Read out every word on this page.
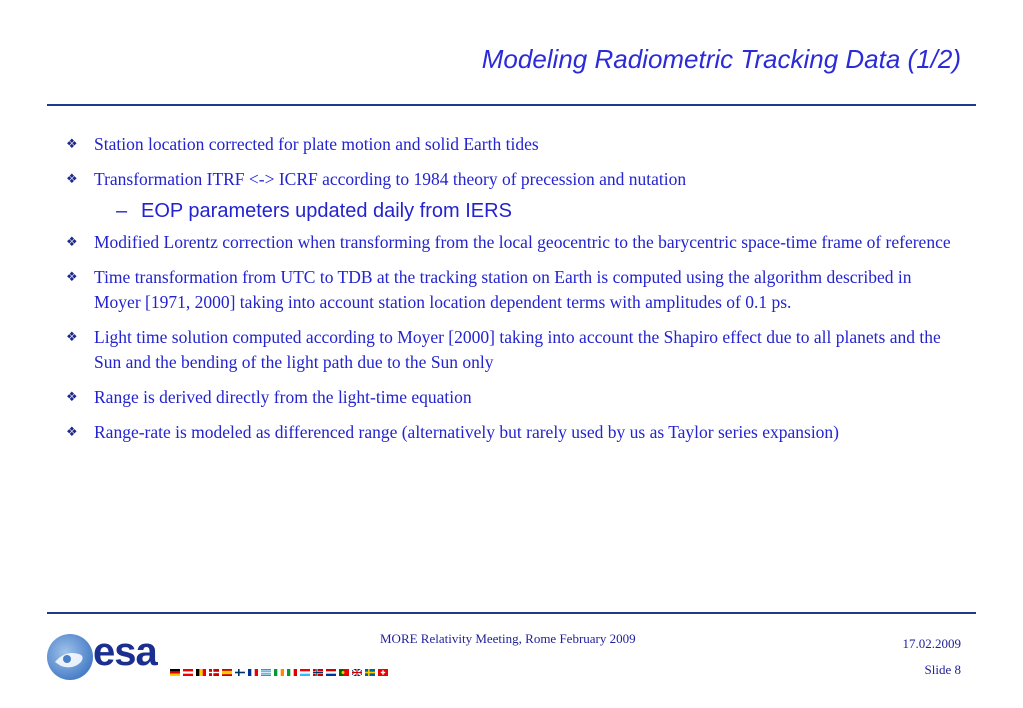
Modeling Radiometric Tracking Data (1/2)
❖ Station location corrected for plate motion and solid Earth tides
❖ Transformation ITRF <-> ICRF according to 1984 theory of precession and nutation
– EOP parameters updated daily from IERS
❖ Modified Lorentz correction when transforming from the local geocentric to the barycentric space-time frame of reference
❖ Time transformation from UTC to TDB at the tracking station on Earth is computed using the algorithm described in Moyer [1971, 2000] taking into account station location dependent terms with amplitudes of 0.1 ps.
❖ Light time solution computed according to Moyer [2000] taking into account the Shapiro effect due to all planets and the Sun and the bending of the light path due to the Sun only
❖ Range is derived directly from the light-time equation
❖ Range-rate is modeled as differenced range (alternatively but rarely used by us as Taylor series expansion)
esa	MORE Relativity Meeting, Rome February 2009	17.02.2009
Slide 8
